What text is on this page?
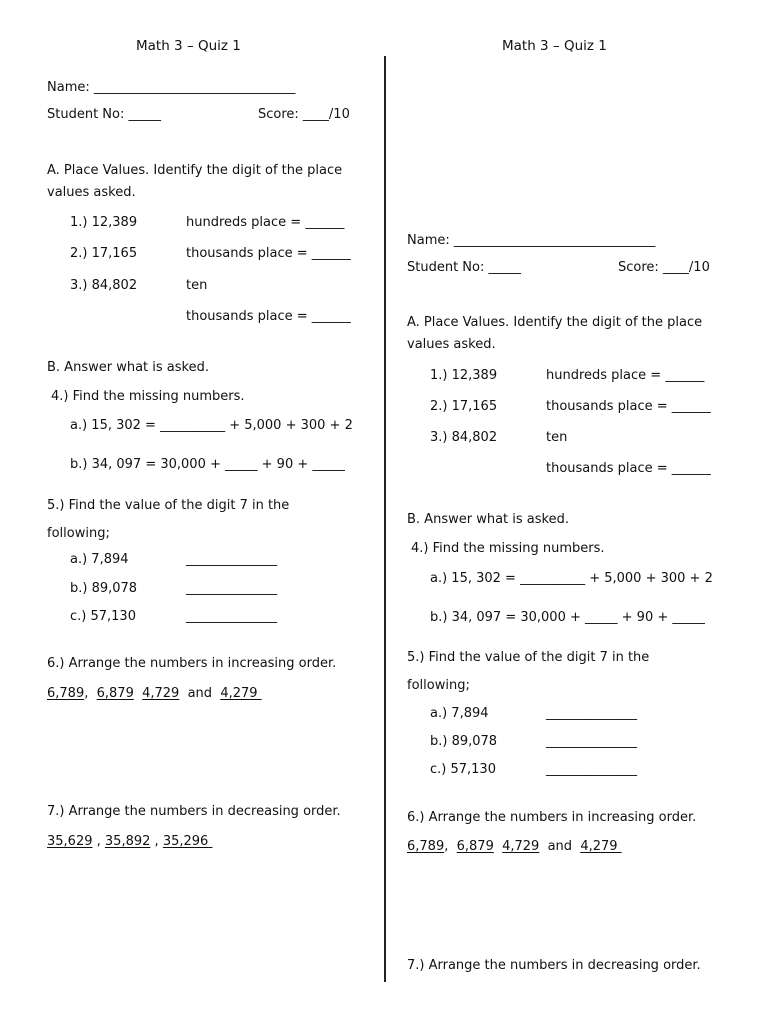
Math 3 – Quiz 1
Name: _______________________________
Student No: _____	Score: ____/10
A. Place Values. Identify the digit of the place
values asked.
1.) 12,389	hundreds place = ______
2.) 17,165	thousands place = ______
3.) 84,802	ten
thousands place = ______
B. Answer what is asked.
4.) Find the missing numbers.
a.) 15, 302 = __________ + 5,000 + 300 + 2
b.) 34, 097 = 30,000 + _____ + 90 + _____
5.) Find the value of the digit 7 in the
following;
a.) 7,894	______________
b.) 89,078	______________
c.) 57,130	______________
6.) Arrange the numbers in increasing order.
6,789,  6,879 4,729 and 4,279
7.) Arrange the numbers in decreasing order.
35,629 , 35,892 , 35,296
Math 3 – Quiz 1
Name: _______________________________
Student No: _____	Score: ____/10
A. Place Values. Identify the digit of the place
values asked.
1.) 12,389	hundreds place = ______
2.) 17,165	thousands place = ______
3.) 84,802	ten
thousands place = ______
B. Answer what is asked.
4.) Find the missing numbers.
a.) 15, 302 = __________ + 5,000 + 300 + 2
b.) 34, 097 = 30,000 + _____ + 90 + _____
5.) Find the value of the digit 7 in the
following;
a.) 7,894	______________
b.) 89,078	______________
c.) 57,130	______________
6.) Arrange the numbers in increasing order.
6,789,  6,879 4,729 and 4,279
7.) Arrange the numbers in decreasing order.
